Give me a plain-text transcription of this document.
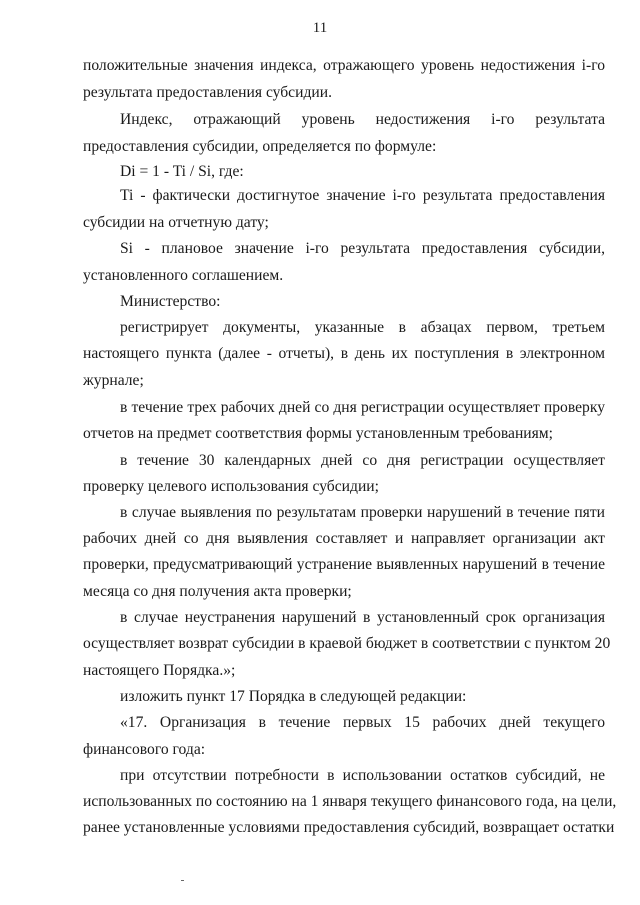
11
положительные значения индекса, отражающего уровень недостижения i-го
результата предоставления субсидии.
Индекс, отражающий уровень недостижения i-го результата
предоставления субсидии, определяется по формуле:
Di = 1 - Ti / Si, где:
Ti - фактически достигнутое значение i-го результата предоставления
субсидии на отчетную дату;
Si - плановое значение i-го результата предоставления субсидии,
установленного соглашением.
Министерство:
регистрирует документы, указанные в абзацах первом, третьем
настоящего пункта (далее - отчеты), в день их поступления в электронном
журнале;
в течение трех рабочих дней со дня регистрации осуществляет проверку
отчетов на предмет соответствия формы установленным требованиям;
в течение 30 календарных дней со дня регистрации осуществляет
проверку целевого использования субсидии;
в случае выявления по результатам проверки нарушений в течение пяти
рабочих дней со дня выявления составляет и направляет организации акт
проверки, предусматривающий устранение выявленных нарушений в течение
месяца со дня получения акта проверки;
в случае неустранения нарушений в установленный срок организация
осуществляет возврат субсидии в краевой бюджет в соответствии с пунктом 20
настоящего Порядка.»;
изложить пункт 17 Порядка в следующей редакции:
«17. Организация в течение первых 15 рабочих дней текущего
финансового года:
при отсутствии потребности в использовании остатков субсидий, не
использованных по состоянию на 1 января текущего финансового года, на цели,
ранее установленные условиями предоставления субсидий, возвращает остатки
